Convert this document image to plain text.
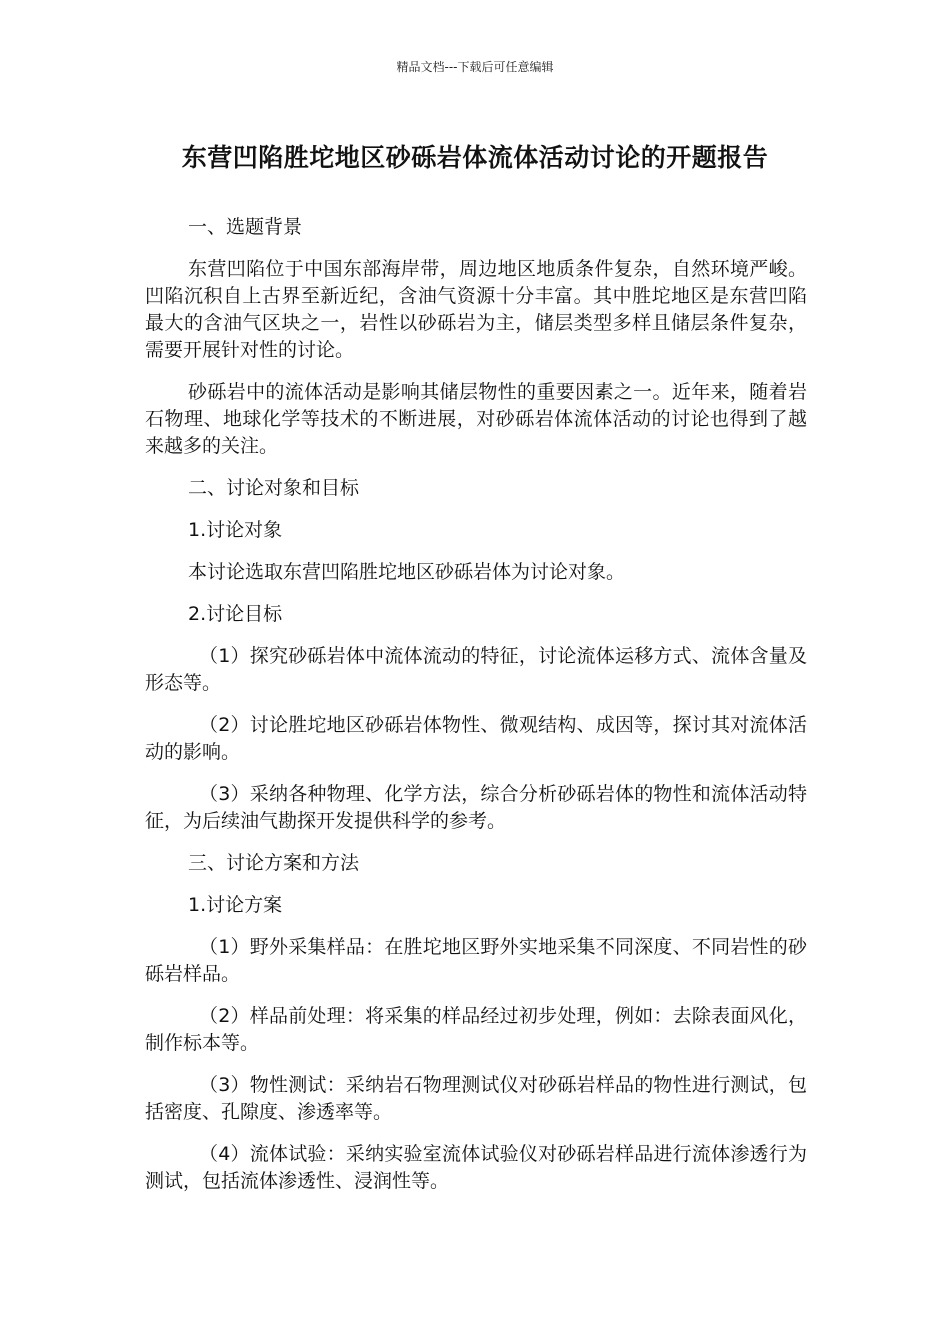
精品文档---下载后可任意编辑
东营凹陷胜坨地区砂砾岩体流体活动讨论的开题报告

一、选题背景

东营凹陷位于中国东部海岸带，周边地区地质条件复杂，自然环境严峻。凹陷沉积自上古界至新近纪，含油气资源十分丰富。其中胜坨地区是东营凹陷最大的含油气区块之一，岩性以砂砾岩为主，储层类型多样且储层条件复杂，需要开展针对性的讨论。

砂砾岩中的流体活动是影响其储层物性的重要因素之一。近年来，随着岩石物理、地球化学等技术的不断进展，对砂砾岩体流体活动的讨论也得到了越来越多的关注。

二、讨论对象和目标

1.讨论对象

本讨论选取东营凹陷胜坨地区砂砾岩体为讨论对象。

2.讨论目标

（1）探究砂砾岩体中流体流动的特征，讨论流体运移方式、流体含量及形态等。

（2）讨论胜坨地区砂砾岩体物性、微观结构、成因等，探讨其对流体活动的影响。

（3）采纳各种物理、化学方法，综合分析砂砾岩体的物性和流体活动特征，为后续油气勘探开发提供科学的参考。

三、讨论方案和方法

1.讨论方案

（1）野外采集样品：在胜坨地区野外实地采集不同深度、不同岩性的砂砾岩样品。

（2）样品前处理：将采集的样品经过初步处理，例如：去除表面风化，制作标本等。

（3）物性测试：采纳岩石物理测试仪对砂砾岩样品的物性进行测试，包括密度、孔隙度、渗透率等。

（4）流体试验：采纳实验室流体试验仪对砂砾岩样品进行流体渗透行为测试，包括流体渗透性、浸润性等。
